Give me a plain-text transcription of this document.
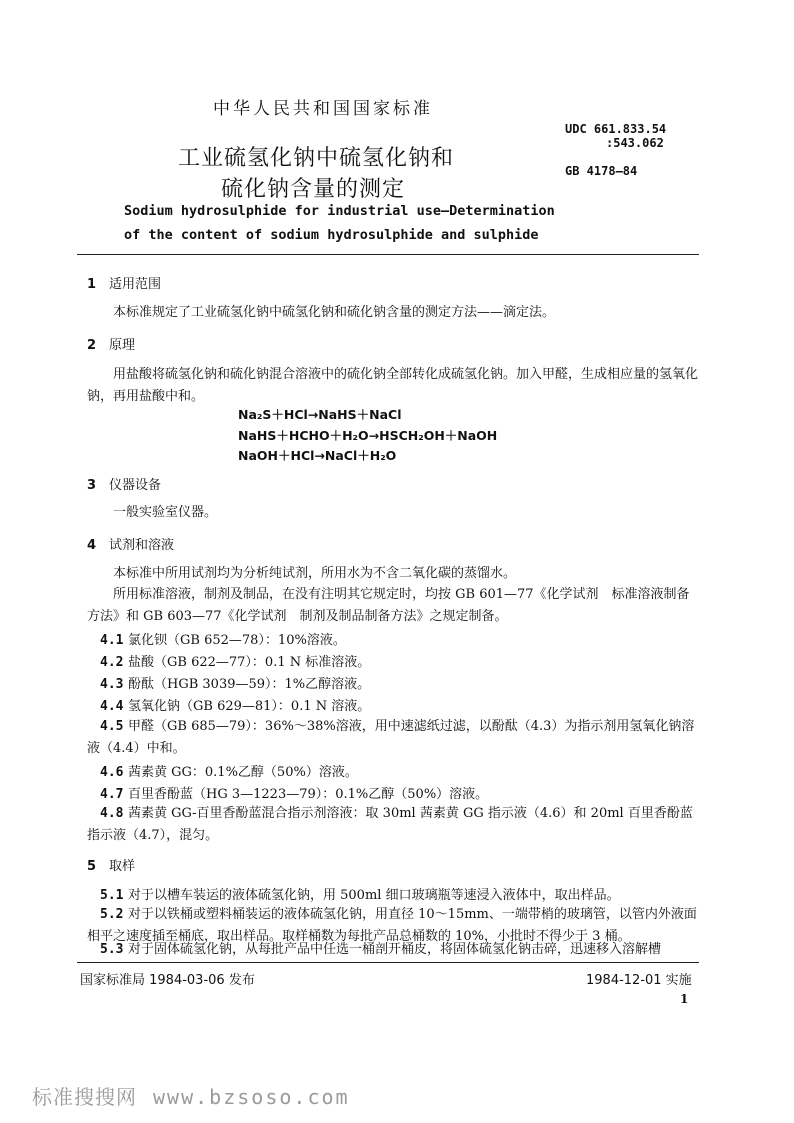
中华人民共和国国家标准
工业硫氢化钠中硫氢化钠和
硫化钠含量的测定
UDC 661.833.54
:543.062
GB 4178—84
Sodium hydrosulphide for industrial use—Determination
of the content of sodium hydrosulphide and sulphide
1 适用范围
本标准规定了工业硫氢化钠中硫氢化钠和硫化钠含量的测定方法——滴定法。
2 原理
用盐酸将硫氢化钠和硫化钠混合溶液中的硫化钠全部转化成硫氢化钠。加入甲醛，生成相应量的氢氧化钠，再用盐酸中和。
Na₂S＋HCl→NaHS＋NaCl
NaHS＋HCHO＋H₂O→HSCH₂OH＋NaOH
NaOH＋HCl→NaCl＋H₂O
3 仪器设备
一般实验室仪器。
4 试剂和溶液
本标准中所用试剂均为分析纯试剂，所用水为不含二氧化碳的蒸馏水。
所用标准溶液，制剂及制品，在没有注明其它规定时，均按 GB 601—77《化学试剂　标准溶液制备方法》和 GB 603—77《化学试剂　制剂及制品制备方法》之规定制备。
4.1 氯化钡（GB 652—78）：10%溶液。
4.2 盐酸（GB 622—77）：0.1 N 标准溶液。
4.3 酚酞（HGB 3039—59）：1%乙醇溶液。
4.4 氢氧化钠（GB 629—81）：0.1 N 溶液。
4.5 甲醛（GB 685—79）：36%～38%溶液，用中速滤纸过滤，以酚酞（4.3）为指示剂用氢氧化钠溶液（4.4）中和。
4.6 茜素黄 GG：0.1%乙醇（50%）溶液。
4.7 百里香酚蓝（HG 3—1223—79）：0.1%乙醇（50%）溶液。
4.8 茜素黄 GG-百里香酚蓝混合指示剂溶液：取 30ml 茜素黄 GG 指示液（4.6）和 20ml 百里香酚蓝指示液（4.7），混匀。
5 取样
5.1 对于以槽车装运的液体硫氢化钠，用 500ml 细口玻璃瓶等速浸入液体中，取出样品。
5.2 对于以铁桶或塑料桶装运的液体硫氢化钠，用直径 10～15mm、一端带梢的玻璃管，以管内外液面相平之速度插至桶底，取出样品。取样桶数为每批产品总桶数的 10%，小批时不得少于 3 桶。
5.3 对于固体硫氢化钠，从每批产品中任选一桶剖开桶皮，将固体硫氢化钠击碎，迅速移入溶解槽
国家标准局 1984-03-06 发布	1984-12-01 实施
1
标准搜搜网 www.bzsoso.com
